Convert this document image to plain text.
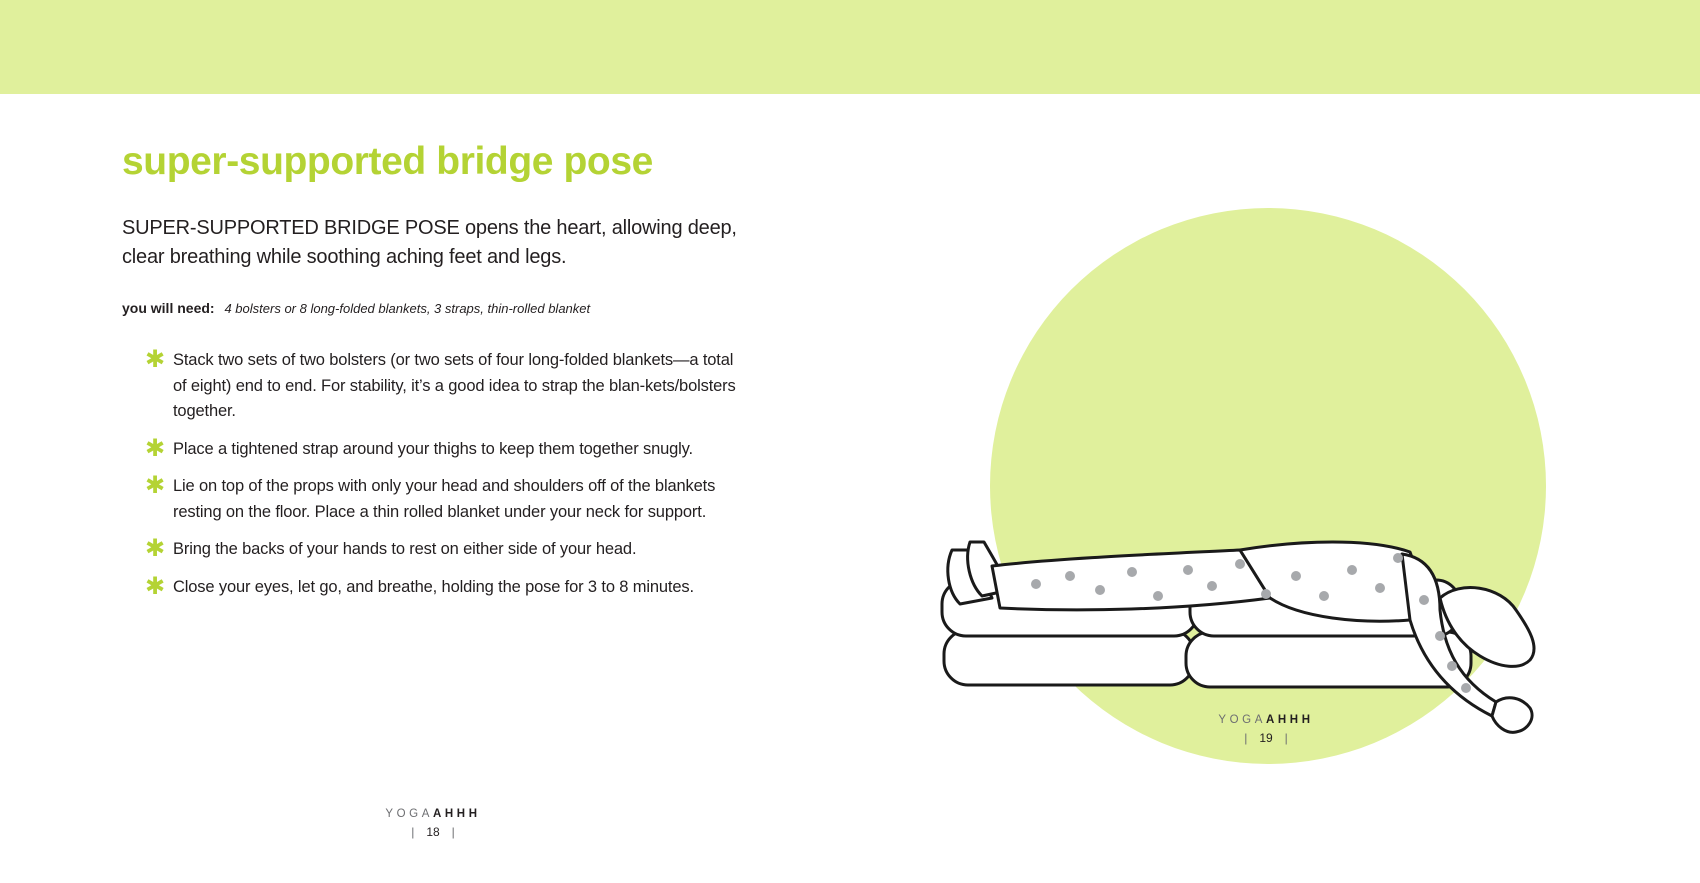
super-supported bridge pose

SUPER-SUPPORTED BRIDGE POSE opens the heart, allowing deep, clear breathing while soothing aching feet and legs.

you will need: 4 bolsters or 8 long-folded blankets, 3 straps, thin-rolled blanket

✱ Stack two sets of two bolsters (or two sets of four long-folded blankets—a total of eight) end to end. For stability, it’s a good idea to strap the blan-kets/bolsters together.
✱ Place a tightened strap around your thighs to keep them together snugly.
✱ Lie on top of the props with only your head and shoulders off of the blankets resting on the floor. Place a thin rolled blanket under your neck for support.
✱ Bring the backs of your hands to rest on either side of your head.
✱ Close your eyes, let go, and breathe, holding the pose for 3 to 8 minutes.
YOGAAHHH
| 18 |
YOGAAHHH
| 19 |
